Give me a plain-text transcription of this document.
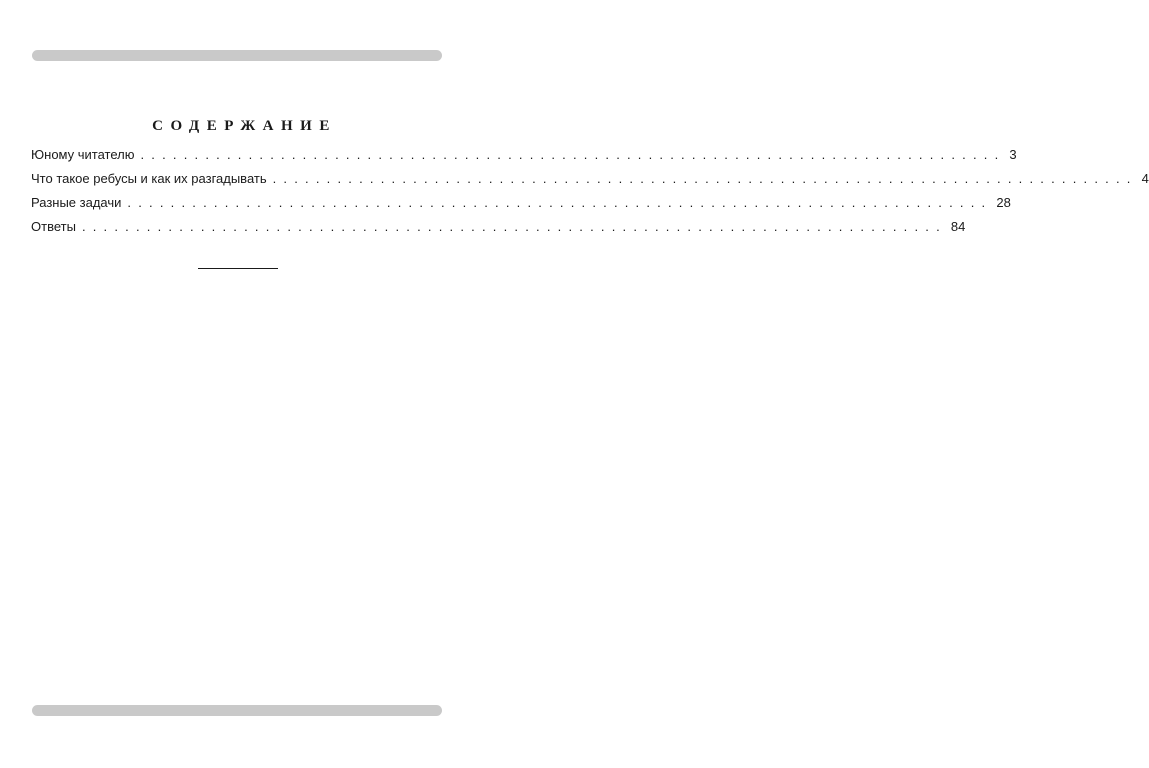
СОДЕРЖАНИЕ
Юному читателю ................................................................................ 3
Что такое ребусы и как их разгадывать ................................................................................ 4
Разные задачи ................................................................................ 28
Ответы ................................................................................ 84
